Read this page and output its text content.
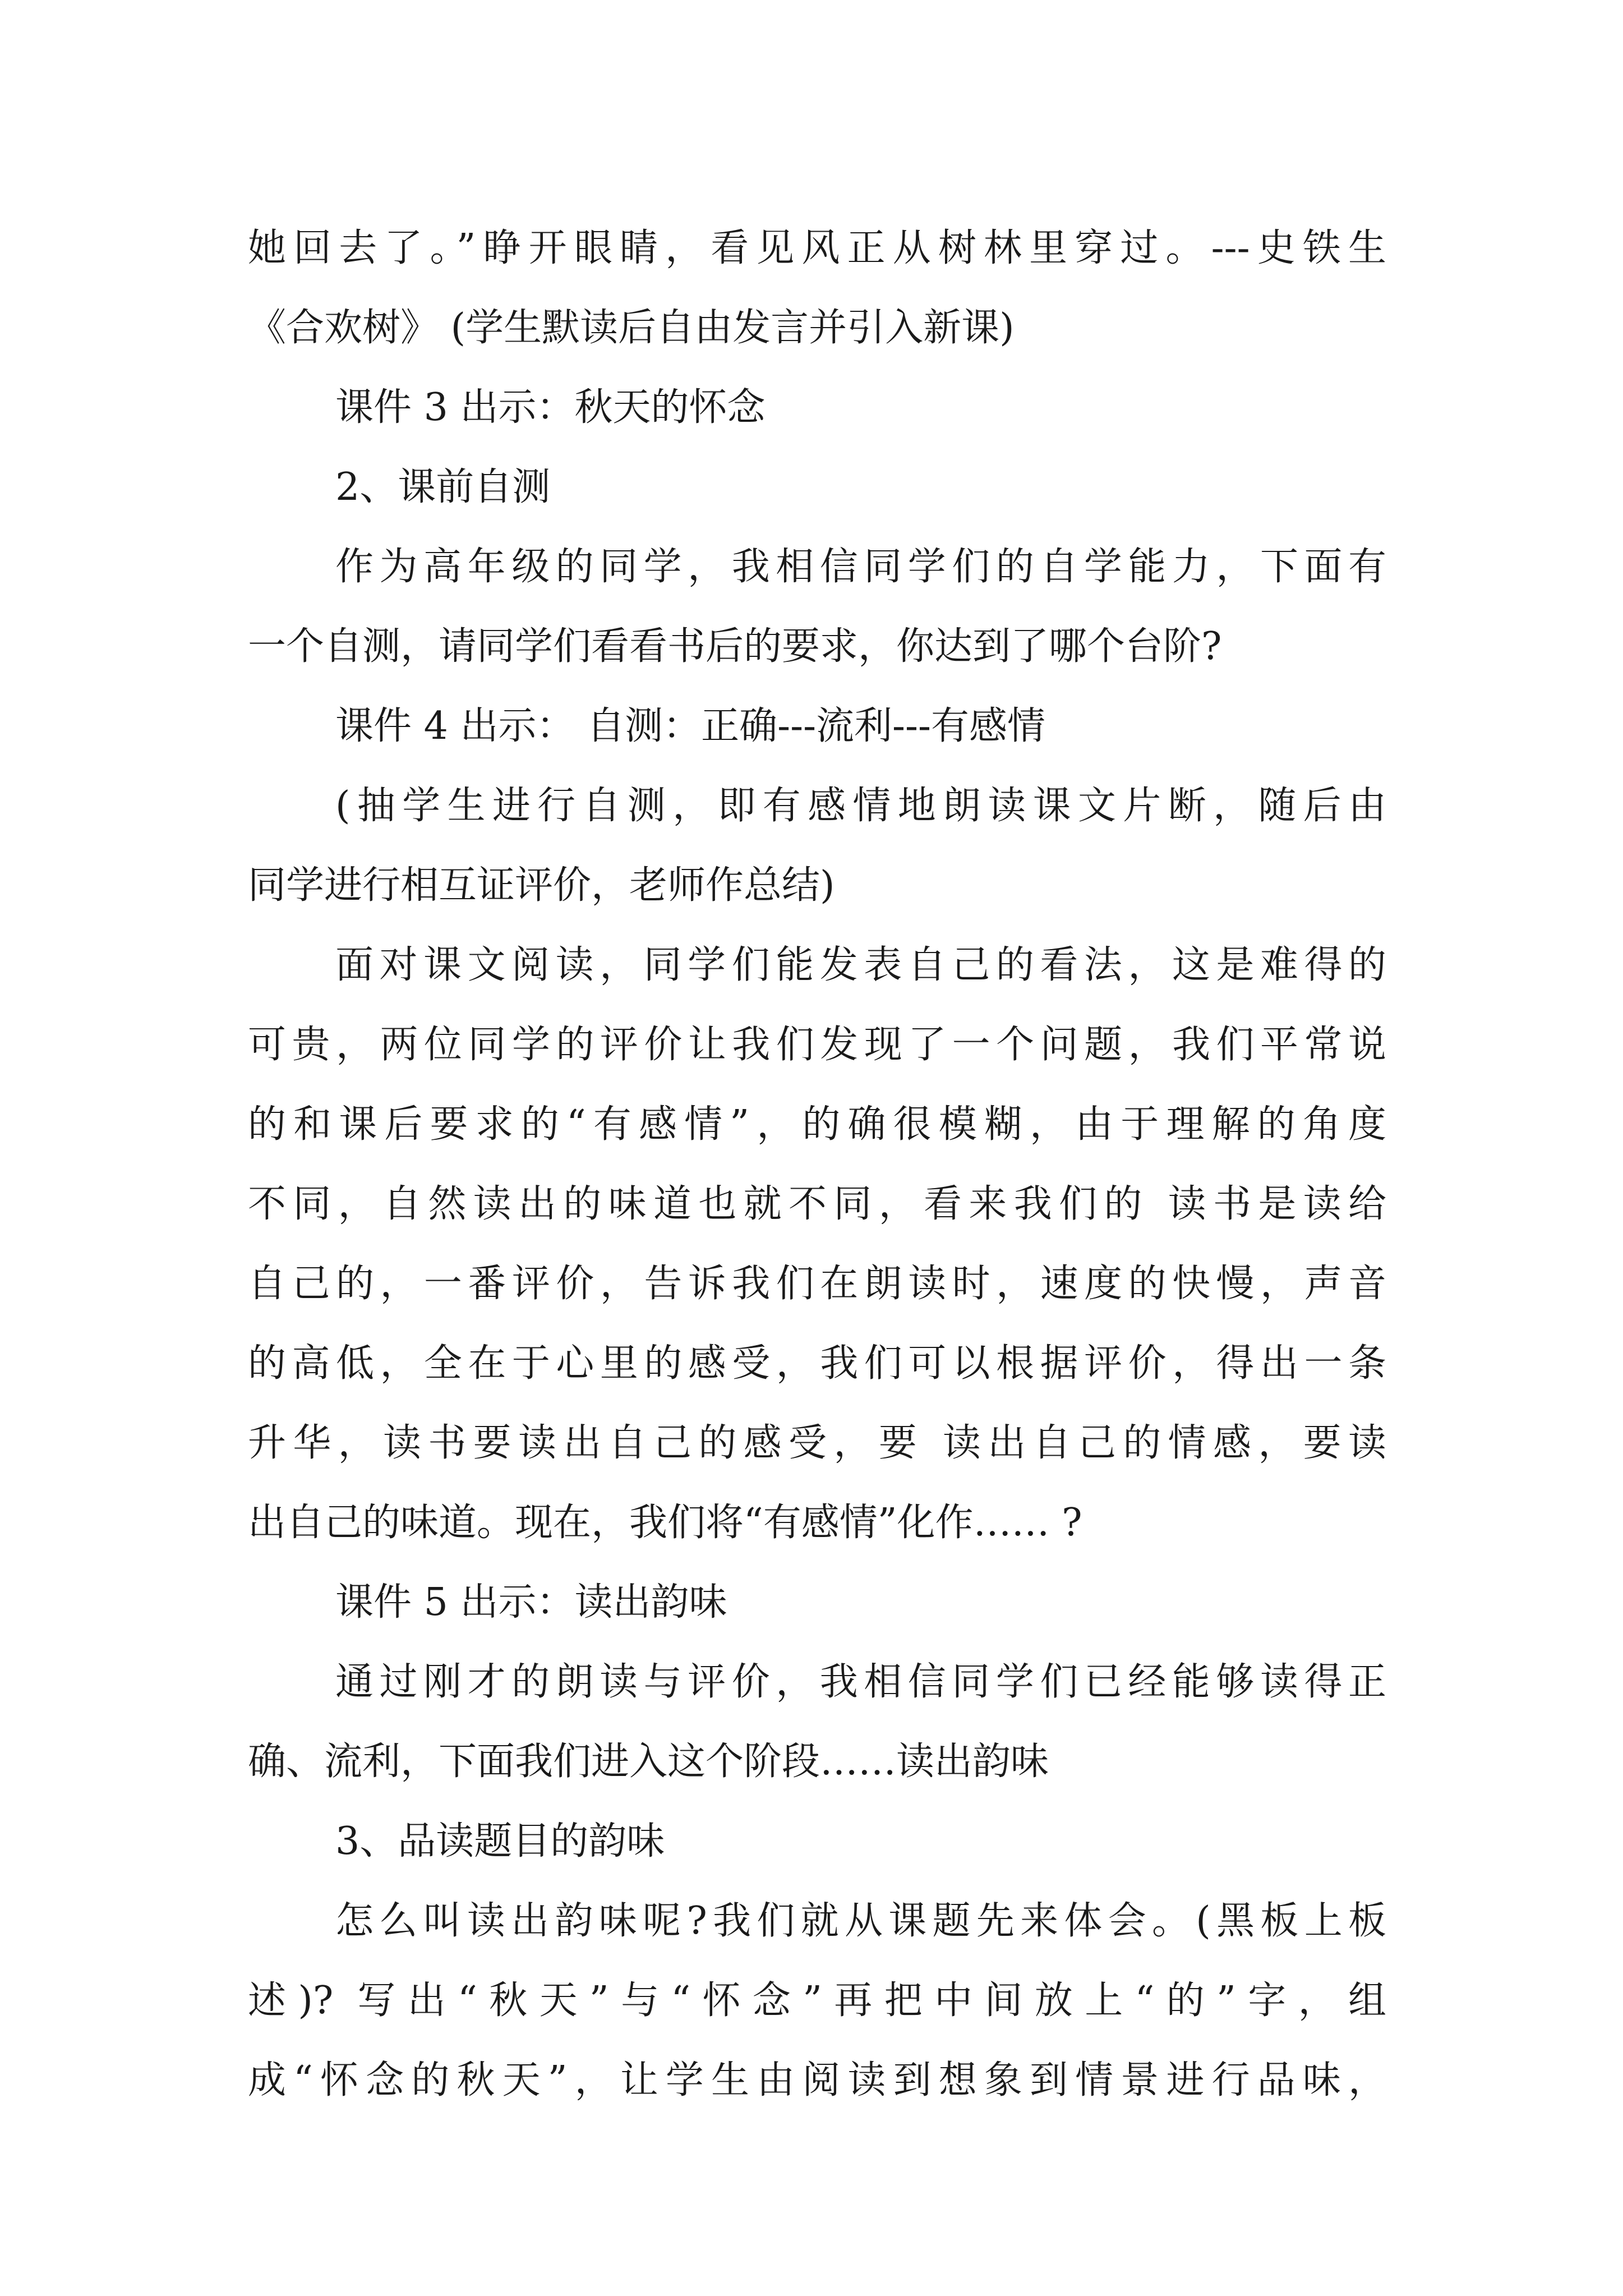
她回去了。”睁开眼睛，看见风正从树林里穿过。---史铁生
《合欢树》 (学生默读后自由发言并引入新课)

课件 3 出示：秋天的怀念

2、课前自测

作为高年级的同学，我相信同学们的自学能力，下面有
一个自测，请同学们看看书后的要求，你达到了哪个台阶?

课件 4 出示： 自测：正确---流利---有感情

(抽学生进行自测，即有感情地朗读课文片断，随后由
同学进行相互证评价，老师作总结)

面对课文阅读，同学们能发表自己的看法，这是难得的
可贵，两位同学的评价让我们发现了一个问题，我们平常说
的和课后要求的“有感情”，的确很模糊，由于理解的角度
不同，自然读出的味道也就不同，看来我们的 读书是读给
自己的，一番评价，告诉我们在朗读时，速度的快慢，声音
的高低，全在于心里的感受，我们可以根据评价，得出一条
升华，读书要读出自己的感受，要 读出自己的情感，要读
出自己的味道。现在，我们将“有感情”化作…… ?

课件 5 出示：读出韵味

通过刚才的朗读与评价，我相信同学们已经能够读得正
确、流利，下面我们进入这个阶段……读出韵味

3、品读题目的韵味

怎么叫读出韵味呢?我们就从课题先来体会。(黑板上板
述)? 写出“秋天”与“怀念”再把中间放上“的”字，组
成“怀念的秋天”，让学生由阅读到想象到情景进行品味，
